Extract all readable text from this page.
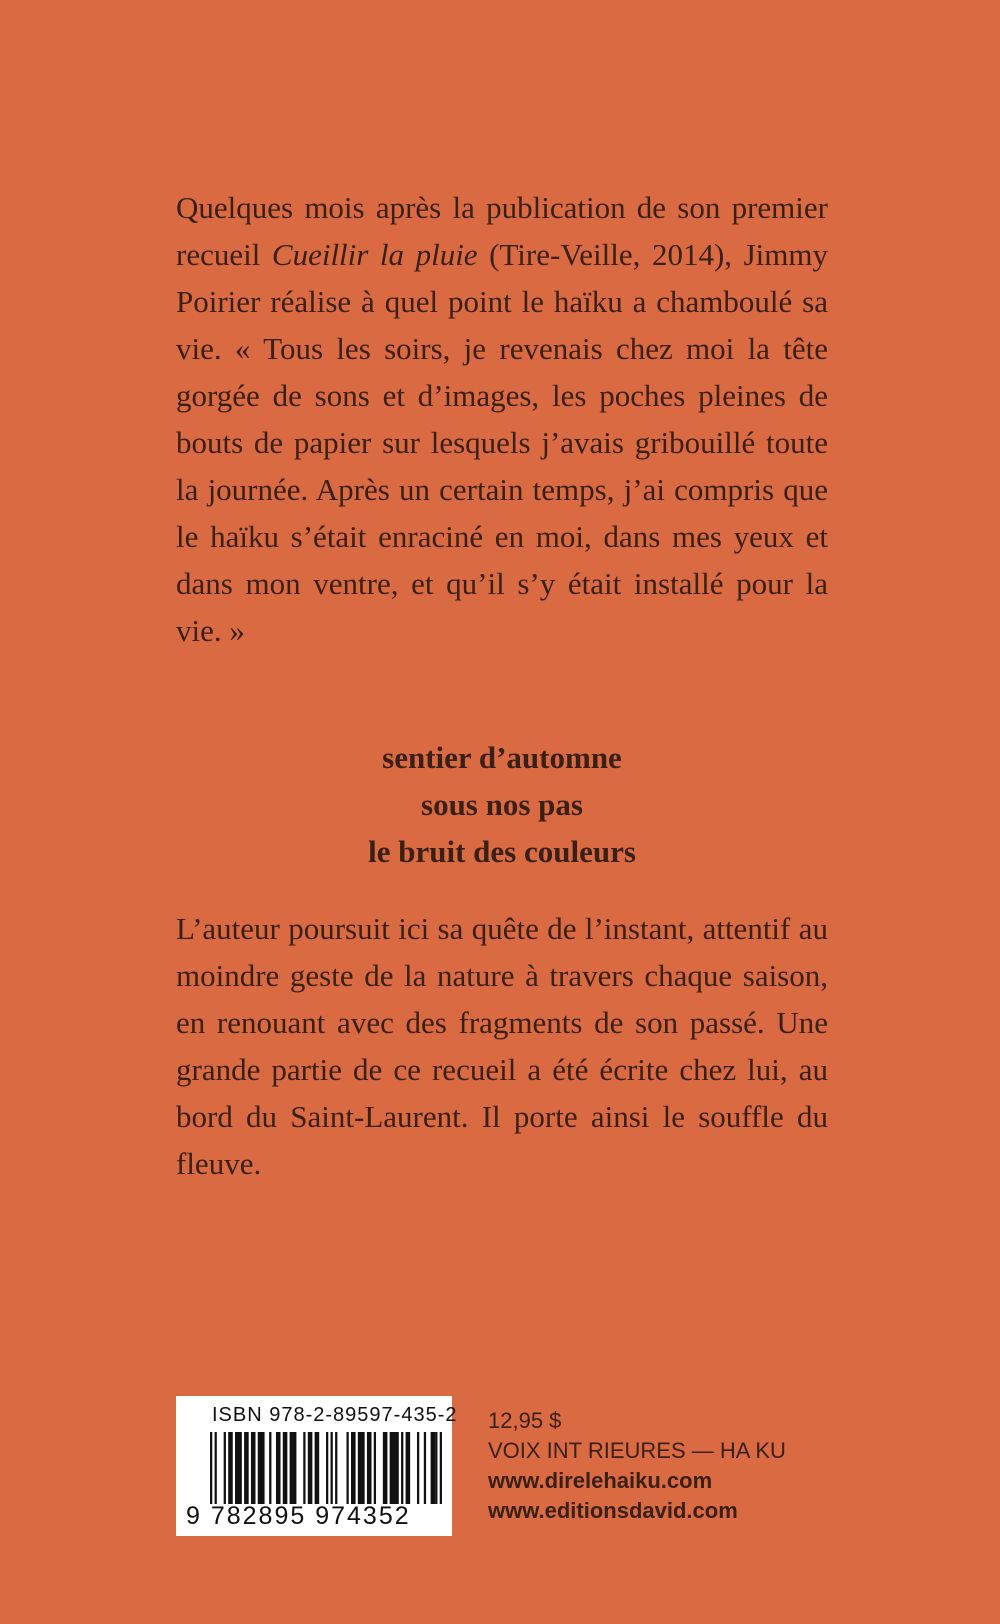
Quelques mois après la publication de son premier recueil Cueillir la pluie (Tire-Veille, 2014), Jimmy Poirier réalise à quel point le haïku a chamboulé sa vie. « Tous les soirs, je revenais chez moi la tête gorgée de sons et d’images, les poches pleines de bouts de papier sur lesquels j’avais gribouillé toute la journée. Après un certain temps, j’ai compris que le haïku s’était enraciné en moi, dans mes yeux et dans mon ventre, et qu’il s’y était installé pour la vie. »
sentier d’automne
sous nos pas
le bruit des couleurs
L’auteur poursuit ici sa quête de l’instant, attentif au moindre geste de la nature à travers chaque saison, en renouant avec des fragments de son passé. Une grande partie de ce recueil a été écrite chez lui, au bord du Saint-Laurent. Il porte ainsi le souffle du fleuve.
ISBN 978-2-89597-435-2
9 782895 974352
12,95 $
VOIX INT RIEURES — HA KU
www.direlehaiku.com
www.editionsdavid.com
